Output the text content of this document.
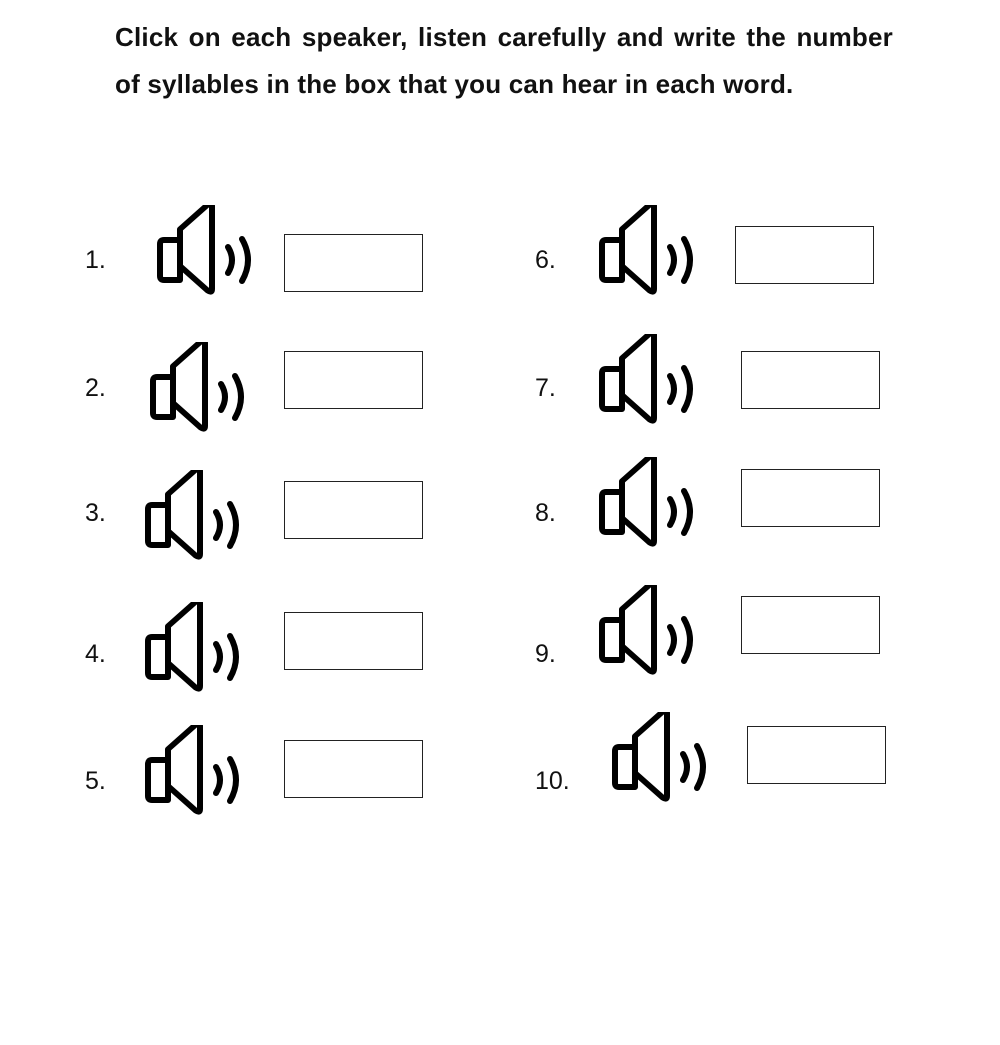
Click on each speaker, listen carefully and write the number of syllables in the box that you can hear in each word.
1.
2.
3.
4.
5.
6.
7.
8.
9.
10.
